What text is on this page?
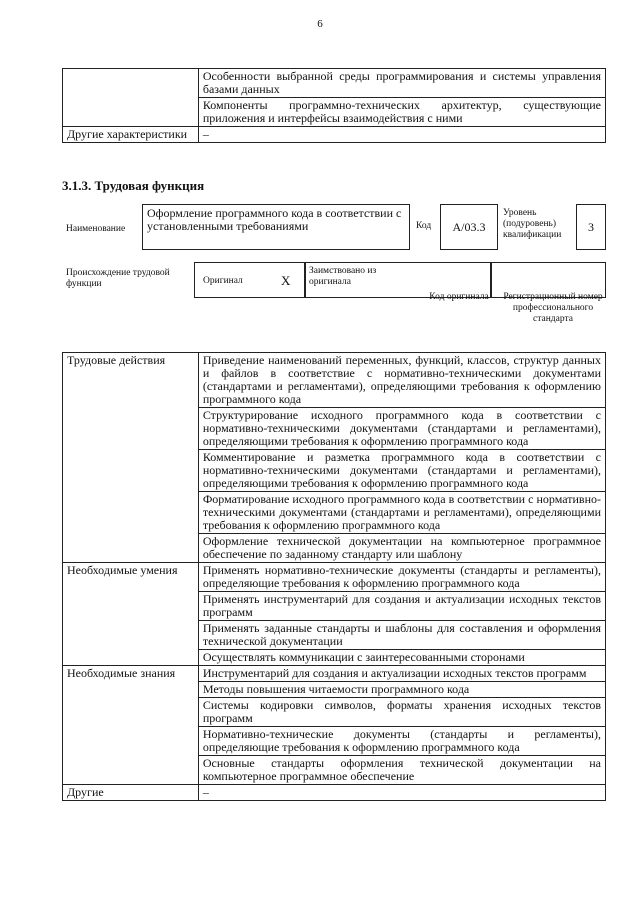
6
	Особенности выбранной среды программирования и системы управления базами данных
	Компоненты программно-технических архитектур, существующие приложения и интерфейсы взаимодействия с ними
Другие характеристики	–
3.1.3. Трудовая функция
Наименование
Оформление программного кода в соответствии с установленными требованиями	Код	А/03.3
Уровень (подуровень) квалификации
3
Происхождение трудовой функции	Оригинал	Х
Заимствовано из оригинала
Код оригинала	Регистрационный номер профессионального стандарта
Трудовые действия	Приведение наименований переменных, функций, классов, структур данных и файлов в соответствие с нормативно-техническими документами (стандартами и регламентами), определяющими требования к оформлению программного кода
	Структурирование исходного программного кода в соответствии с нормативно-техническими документами (стандартами и регламентами), определяющими требования к оформлению программного кода
	Комментирование и разметка программного кода в соответствии с нормативно-техническими документами (стандартами и регламентами), определяющими требования к оформлению программного кода
	Форматирование исходного программного кода в соответствии с нормативно-техническими документами (стандартами и регламентами), определяющими требования к оформлению программного кода
	Оформление технической документации на компьютерное программное обеспечение по заданному стандарту или шаблону
Необходимые умения	Применять нормативно-технические документы (стандарты и регламенты), определяющие требования к оформлению программного кода
	Применять инструментарий для создания и актуализации исходных текстов программ
	Применять заданные стандарты и шаблоны для составления и оформления технической документации
	Осуществлять коммуникации с заинтересованными сторонами
Необходимые знания	Инструментарий для создания и актуализации исходных текстов программ
	Методы повышения читаемости программного кода
	Системы кодировки символов, форматы хранения исходных текстов программ
	Нормативно-технические документы (стандарты и регламенты), определяющие требования к оформлению программного кода
	Основные стандарты оформления технической документации на компьютерное программное обеспечение
Другие	–
